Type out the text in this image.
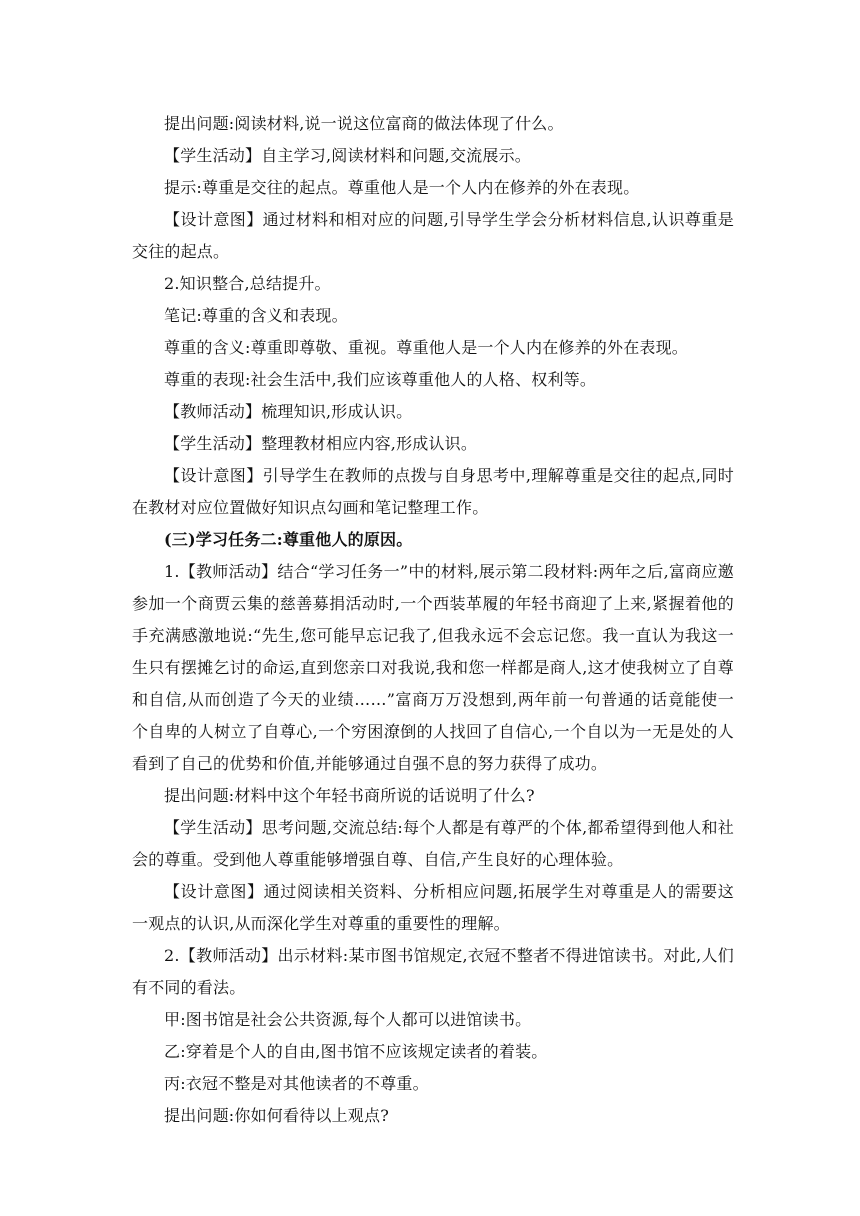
提出问题:阅读材料,说一说这位富商的做法体现了什么。

【学生活动】自主学习,阅读材料和问题,交流展示。

提示:尊重是交往的起点。尊重他人是一个人内在修养的外在表现。

【设计意图】通过材料和相对应的问题,引导学生学会分析材料信息,认识尊重是交往的起点。

2.知识整合,总结提升。

笔记:尊重的含义和表现。

尊重的含义:尊重即尊敬、重视。尊重他人是一个人内在修养的外在表现。

尊重的表现:社会生活中,我们应该尊重他人的人格、权利等。

【教师活动】梳理知识,形成认识。

【学生活动】整理教材相应内容,形成认识。

【设计意图】引导学生在教师的点拨与自身思考中,理解尊重是交往的起点,同时在教材对应位置做好知识点勾画和笔记整理工作。

(三)学习任务二:尊重他人的原因。

1.【教师活动】结合“学习任务一”中的材料,展示第二段材料:两年之后,富商应邀参加一个商贾云集的慈善募捐活动时,一个西装革履的年轻书商迎了上来,紧握着他的手充满感激地说:“先生,您可能早忘记我了,但我永远不会忘记您。我一直认为我这一生只有摆摊乞讨的命运,直到您亲口对我说,我和您一样都是商人,这才使我树立了自尊和自信,从而创造了今天的业绩……”富商万万没想到,两年前一句普通的话竟能使一个自卑的人树立了自尊心,一个穷困潦倒的人找回了自信心,一个自以为一无是处的人看到了自己的优势和价值,并能够通过自强不息的努力获得了成功。

提出问题:材料中这个年轻书商所说的话说明了什么?

【学生活动】思考问题,交流总结:每个人都是有尊严的个体,都希望得到他人和社会的尊重。受到他人尊重能够增强自尊、自信,产生良好的心理体验。

【设计意图】通过阅读相关资料、分析相应问题,拓展学生对尊重是人的需要这一观点的认识,从而深化学生对尊重的重要性的理解。

2.【教师活动】出示材料:某市图书馆规定,衣冠不整者不得进馆读书。对此,人们有不同的看法。

甲:图书馆是社会公共资源,每个人都可以进馆读书。

乙:穿着是个人的自由,图书馆不应该规定读者的着装。

丙:衣冠不整是对其他读者的不尊重。

提出问题:你如何看待以上观点?
